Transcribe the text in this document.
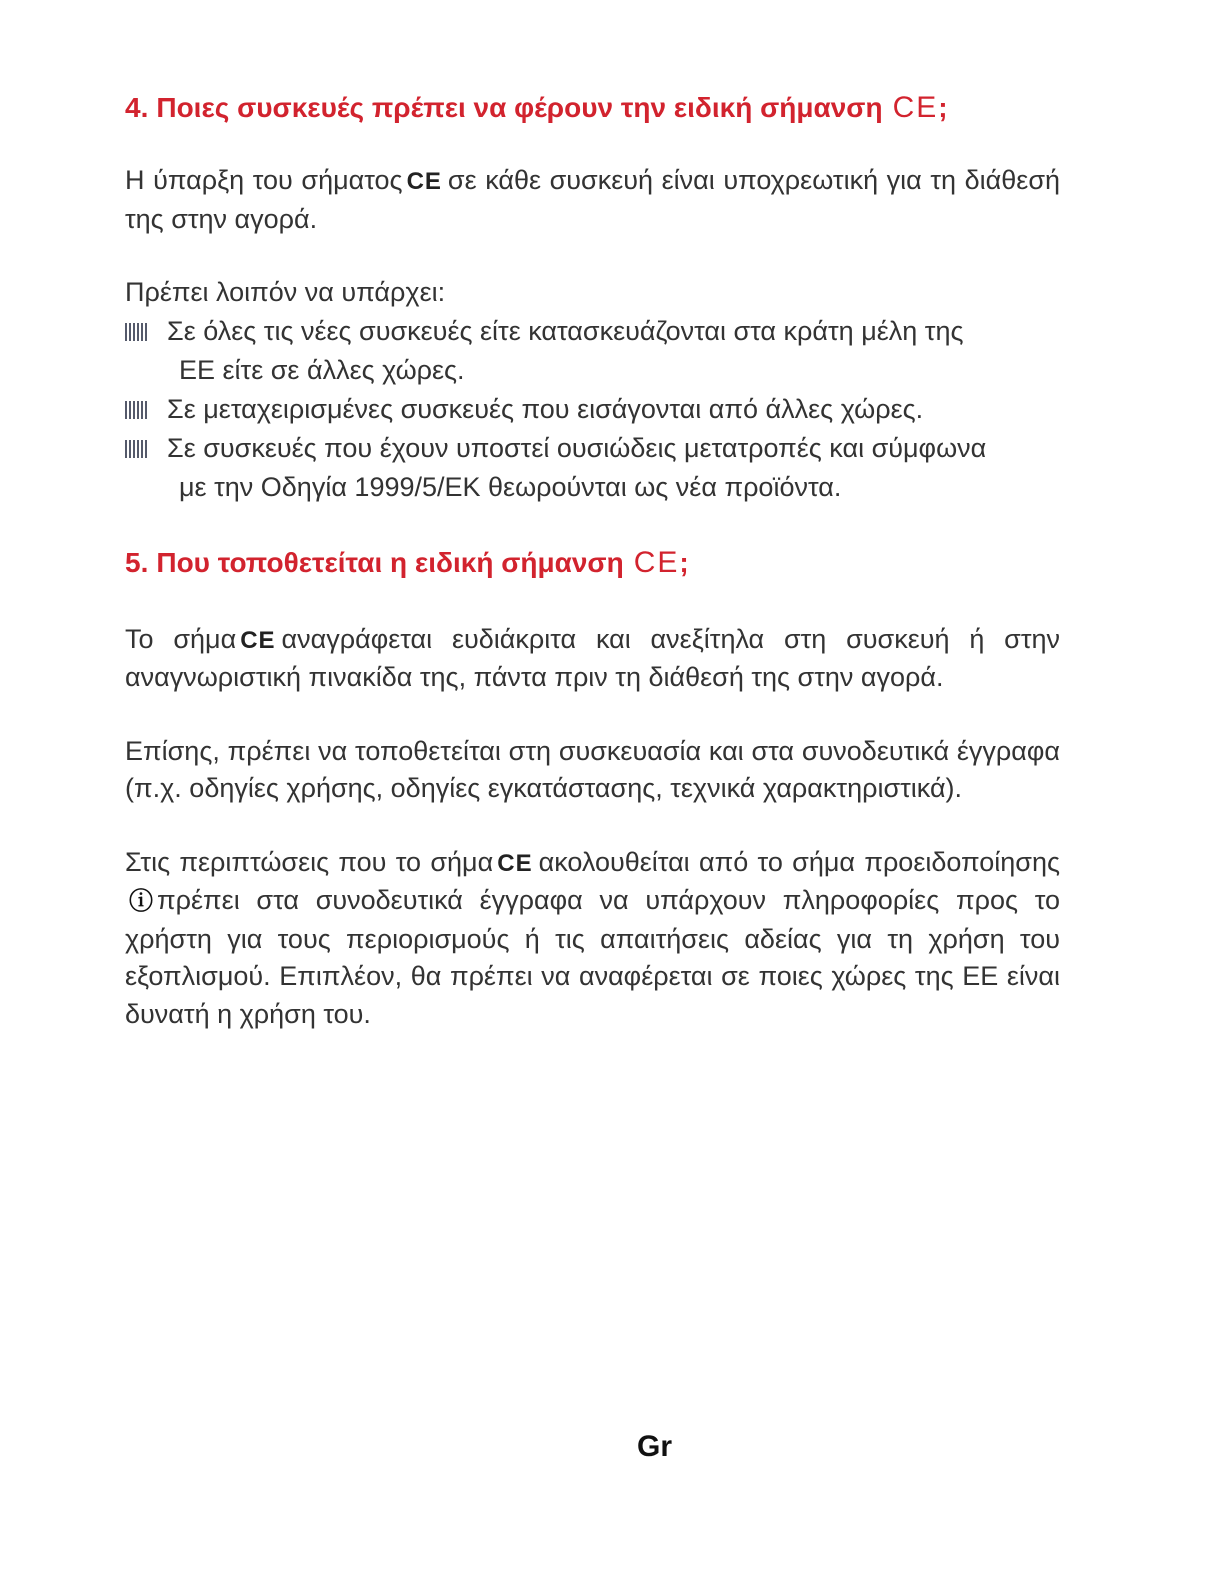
4. Ποιες συσκευές πρέπει να φέρουν την ειδική σήμανση CE;

Η ύπαρξη του σήματος CE σε κάθε συσκευή είναι υποχρεωτική για τη διάθεσή της στην αγορά.

Πρέπει λοιπόν να υπάρχει:

Σε όλες τις νέες συσκευές είτε κατασκευάζονται στα κράτη μέλη της
ΕΕ είτε σε άλλες χώρες.
Σε μεταχειρισμένες συσκευές που εισάγονται από άλλες χώρες.
Σε συσκευές που έχουν υποστεί ουσιώδεις μετατροπές και σύμφωνα
με την Οδηγία 1999/5/ΕΚ θεωρούνται ως νέα προϊόντα.
5. Που τοποθετείται η ειδική σήμανση CE;

Το σήμα CE αναγράφεται ευδιάκριτα και ανεξίτηλα στη συσκευή ή στην αναγνωριστική πινακίδα της, πάντα πριν τη διάθεσή της στην αγορά.

Επίσης, πρέπει να τοποθετείται στη συσκευασία και στα συνοδευτικά έγγραφα (π.χ. οδηγίες χρήσης, οδηγίες εγκατάστασης, τεχνικά χαρακτηριστικά).

Στις περιπτώσεις που το σήμα CE ακολουθείται από το σήμα προειδοποίησηςⓘ πρέπει στα συνοδευτικά έγγραφα να υπάρχουν πληροφορίες προς το χρήστη για τους περιορισμούς ή τις απαιτήσεις αδείας για τη χρήση του εξοπλισμού. Επιπλέον, θα πρέπει να αναφέρεται σε ποιες χώρες της ΕΕ είναι δυνατή η χρήση του.

Gr
